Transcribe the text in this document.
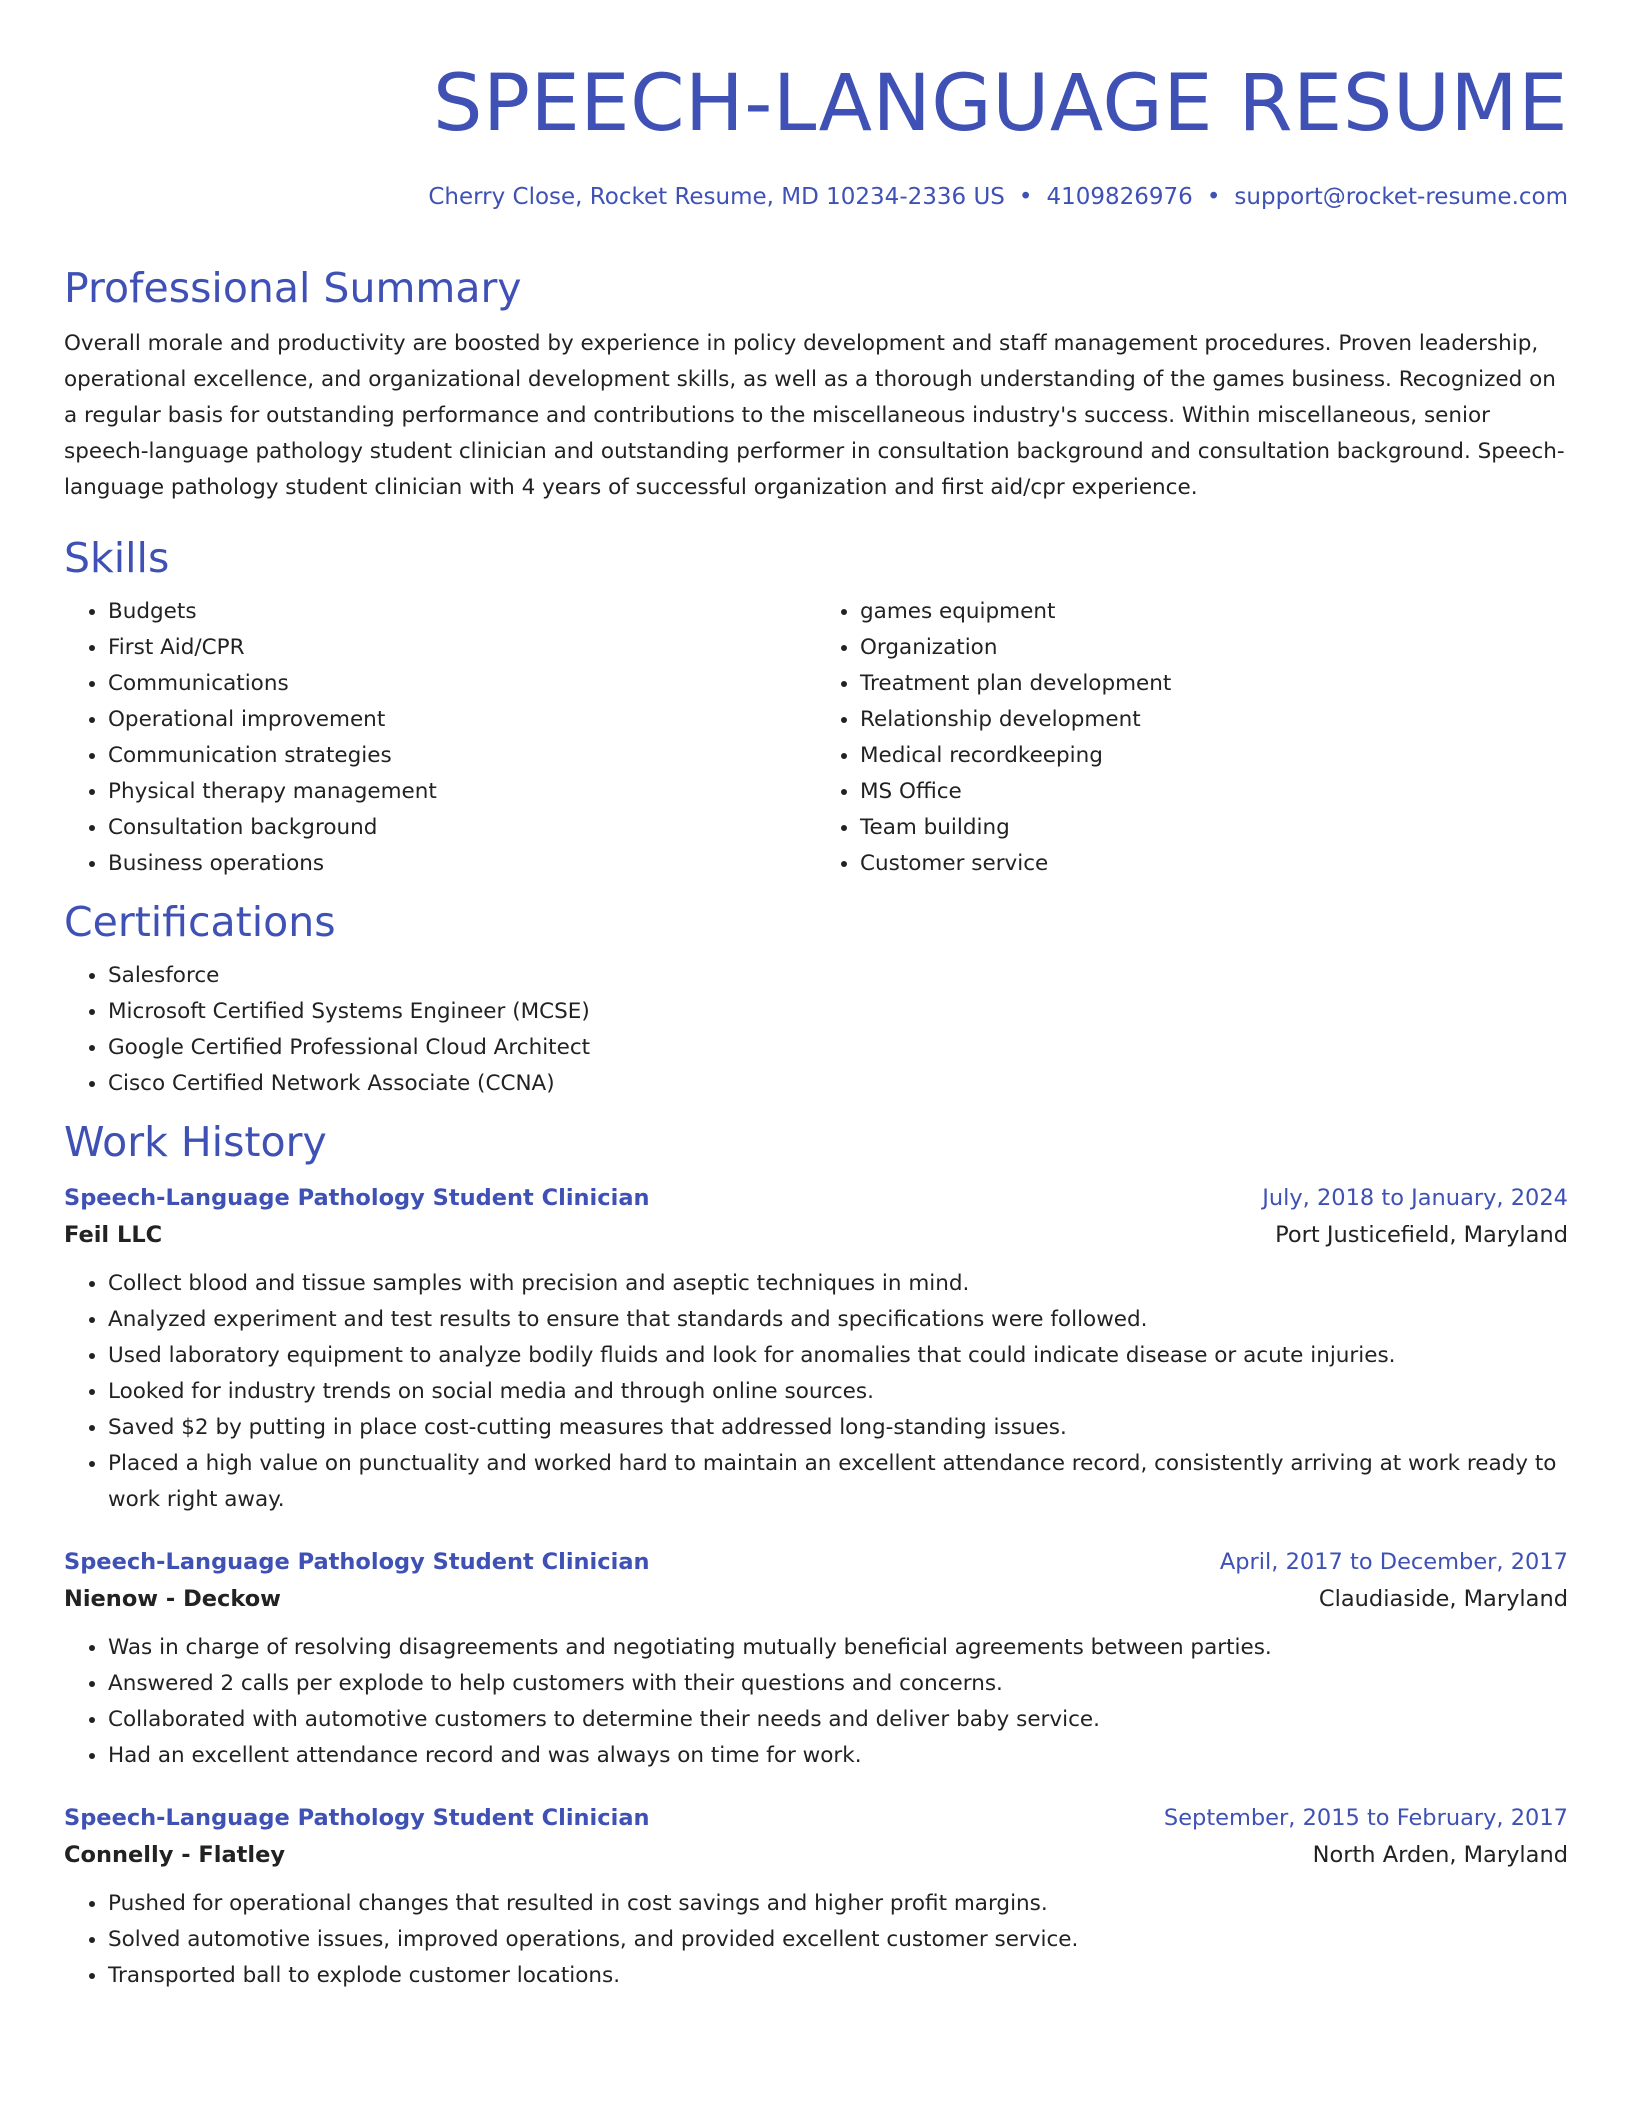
SPEECH-LANGUAGE RESUME
Cherry Close, Rocket Resume, MD 10234-2336 US • 4109826976 • support@rocket-resume.com
Professional Summary

Overall morale and productivity are boosted by experience in policy development and staff management procedures. Proven leadership, operational excellence, and organizational development skills, as well as a thorough understanding of the games business. Recognized on a regular basis for outstanding performance and contributions to the miscellaneous industry's success. Within miscellaneous, senior speech-language pathology student clinician and outstanding performer in consultation background and consultation background. Speech-language pathology student clinician with 4 years of successful organization and first aid/cpr experience.

Skills
• Budgets
• First Aid/CPR
• Communications
• Operational improvement
• Communication strategies
• Physical therapy management
• Consultation background
• Business operations
• games equipment
• Organization
• Treatment plan development
• Relationship development
• Medical recordkeeping
• MS Office
• Team building
• Customer service
Certifications
• Salesforce
• Microsoft Certified Systems Engineer (MCSE)
• Google Certified Professional Cloud Architect
• Cisco Certified Network Associate (CCNA)
Work History
Speech-Language Pathology Student Clinician	July, 2018 to January, 2024
Feil LLC	Port Justicefield, Maryland
• Collect blood and tissue samples with precision and aseptic techniques in mind.
• Analyzed experiment and test results to ensure that standards and specifications were followed.
• Used laboratory equipment to analyze bodily fluids and look for anomalies that could indicate disease or acute injuries.
• Looked for industry trends on social media and through online sources.
• Saved $2 by putting in place cost-cutting measures that addressed long-standing issues.
• Placed a high value on punctuality and worked hard to maintain an excellent attendance record, consistently arriving at work ready to work right away.
Speech-Language Pathology Student Clinician	April, 2017 to December, 2017
Nienow - Deckow	Claudiaside, Maryland
• Was in charge of resolving disagreements and negotiating mutually beneficial agreements between parties.
• Answered 2 calls per explode to help customers with their questions and concerns.
• Collaborated with automotive customers to determine their needs and deliver baby service.
• Had an excellent attendance record and was always on time for work.
Speech-Language Pathology Student Clinician	September, 2015 to February, 2017
Connelly - Flatley	North Arden, Maryland
• Pushed for operational changes that resulted in cost savings and higher profit margins.
• Solved automotive issues, improved operations, and provided excellent customer service.
• Transported ball to explode customer locations.
